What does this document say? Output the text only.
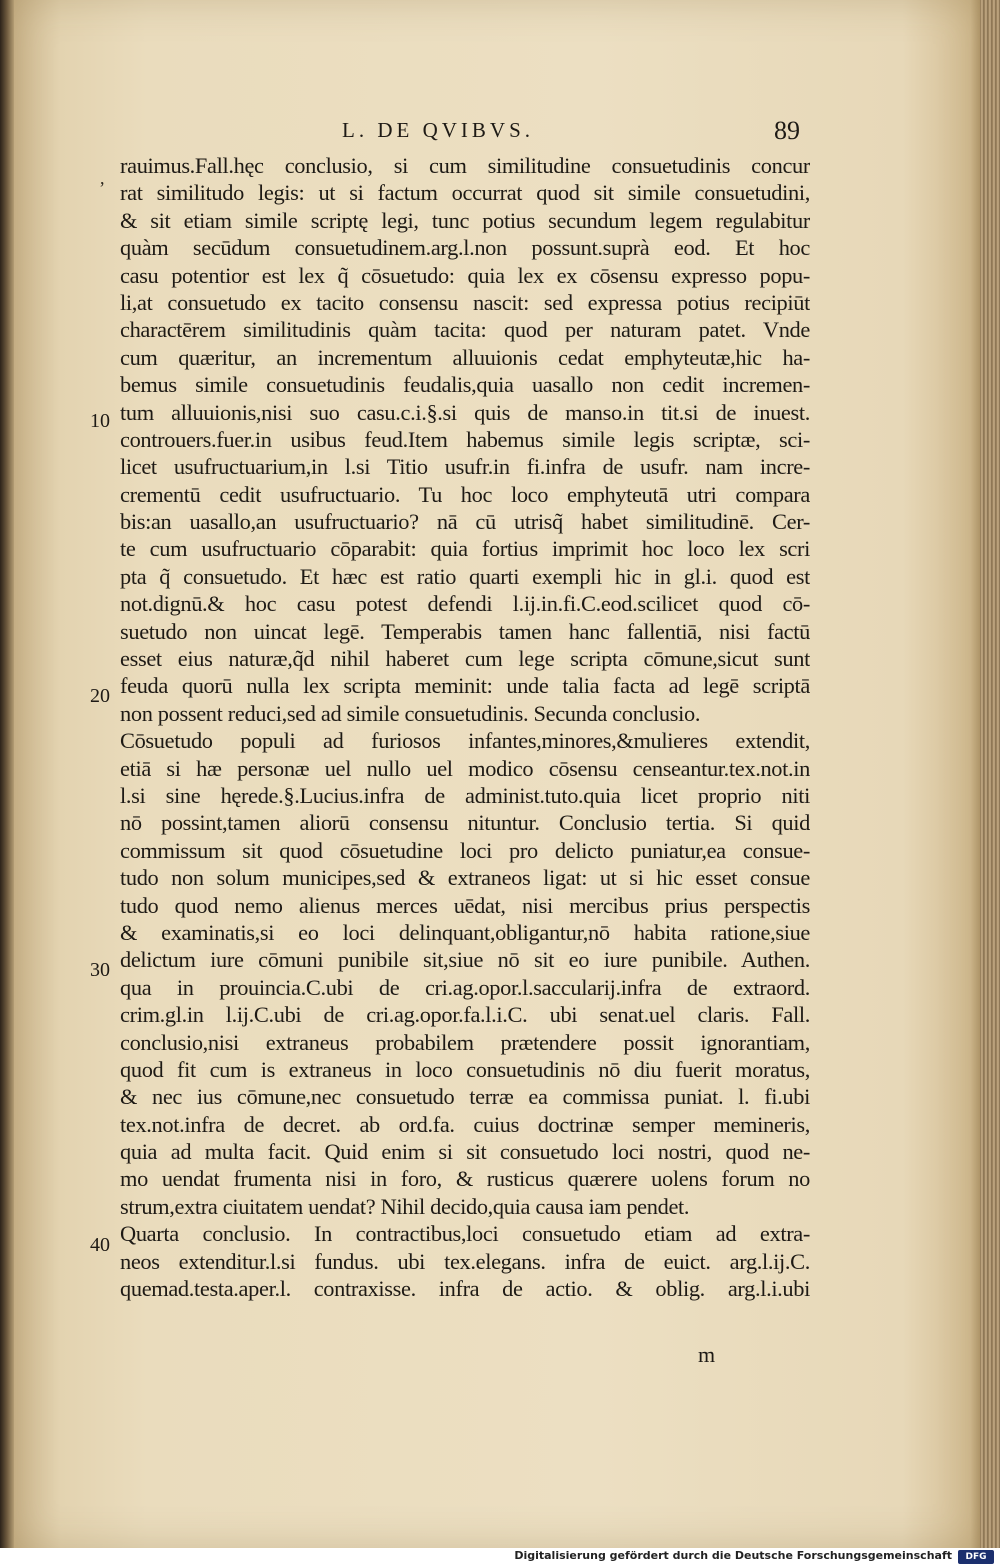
L. DE QVIBVS.	89
, rauimus.Fall.hęc conclusio, si cum similitudine consuetudinis concur
rat similitudo legis: ut si factum occurrat quod sit simile consuetudini,
& sit etiam simile scriptę legi, tunc potius secundum legem regulabitur
quàm secūdum consuetudinem.arg.l.non possunt.suprà eod. Et hoc
casu potentior est lex q̃ cōsuetudo: quia lex ex cōsensu expresso popu-
li,at consuetudo ex tacito consensu nascit: sed expressa potius recipiūt
charactērem similitudinis quàm tacita: quod per naturam patet. Vnde
cum quæritur, an incrementum alluuionis cedat emphyteutæ,hic ha-
bemus simile consuetudinis feudalis,quia uasallo non cedit incremen-
tum alluuionis,nisi suo casu.c.i.§.si quis de manso.in tit.si de inuest.
controuers.fuer.in usibus feud.Item habemus simile legis scriptæ, sci-
licet usufructuarium,in l.si Titio usufr.in fi.infra de usufr. nam incre-
crementū cedit usufructuario. Tu hoc loco emphyteutā utri compara
bis:an uasallo,an usufructuario? nā cū utrisq̃ habet similitudinē. Cer-
te cum usufructuario cōparabit: quia fortius imprimit hoc loco lex scri
pta q̃ consuetudo. Et hæc est ratio quarti exempli hic in gl.i. quod est
not.dignū.& hoc casu potest defendi l.ij.in.fi.C.eod.scilicet quod cō-
suetudo non uincat legē. Temperabis tamen hanc fallentiā, nisi factū
esset eius naturæ,q̃d nihil haberet cum lege scripta cōmune,sicut sunt
feuda quorū nulla lex scripta meminit: unde talia facta ad legē scriptā
non possent reduci,sed ad simile consuetudinis. Secunda conclusio.
Cōsuetudo populi ad furiosos infantes,minores,&mulieres extendit,
etiā si hæ personæ uel nullo uel modico cōsensu censeantur.tex.not.in
l.si sine hęrede.§.Lucius.infra de administ.tuto.quia licet proprio niti
nō possint,tamen aliorū consensu nituntur. Conclusio tertia. Si quid
commissum sit quod cōsuetudine loci pro delicto puniatur,ea consue-
tudo non solum municipes,sed & extraneos ligat: ut si hic esset consue
tudo quod nemo alienus merces uēdat, nisi mercibus prius perspectis
& examinatis,si eo loci delinquant,obligantur,nō habita ratione,siue
delictum iure cōmuni punibile sit,siue nō sit eo iure punibile. Authen.
qua in prouincia.C.ubi de cri.ag.opor.l.saccularij.infra de extraord.
crim.gl.in l.ij.C.ubi de cri.ag.opor.fa.l.i.C. ubi senat.uel claris. Fall.
conclusio,nisi extraneus probabilem prætendere possit ignorantiam,
quod fit cum is extraneus in loco consuetudinis nō diu fuerit moratus,
& nec ius cōmune,nec consuetudo terræ ea commissa puniat. l. fi.ubi
tex.not.infra de decret. ab ord.fa. cuius doctrinæ semper memineris,
quia ad multa facit. Quid enim si sit consuetudo loci nostri, quod ne-
mo uendat frumenta nisi in foro, & rusticus quærere uolens forum no
strum,extra ciuitatem uendat? Nihil decido,quia causa iam pendet.
Quarta conclusio. In contractibus,loci consuetudo etiam ad extra-
neos extenditur.l.si fundus. ubi tex.elegans. infra de euict. arg.l.ij.C.
quemad.testa.aper.l. contraxisse. infra de actio. & oblig. arg.l.i.ubi
10
20
30
40
m
Digitalisierung gefördert durch die Deutsche Forschungsgemeinschaft	DFG
